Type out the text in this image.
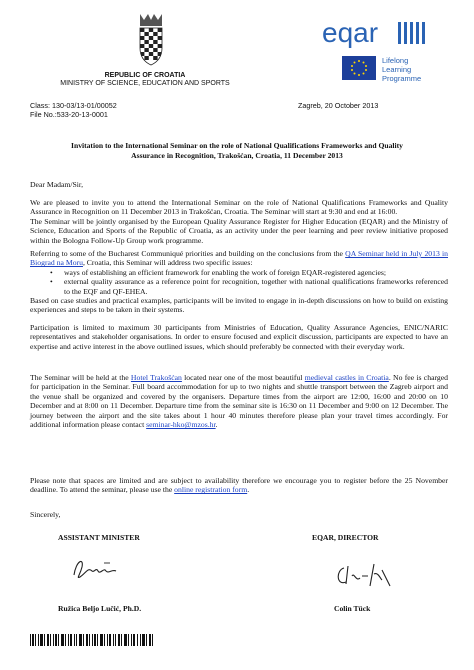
REPUBLIC OF CROATIA
MINISTRY OF SCIENCE, EDUCATION AND SPORTS
eqar
Lifelong
Learning
Programme
Class: 130-03/13-01/00052
File No.:533-20-13-0001
Zagreb, 20 October 2013
Invitation to the International Seminar on the role of National Qualifications Frameworks and Quality
Assurance in Recognition, Trakošćan, Croatia, 11 December 2013
Dear Madam/Sir,

We are pleased to invite you to attend the International Seminar on the role of National Qualifications Frameworks and Quality Assurance in Recognition on 11 December 2013 in Trakošćan, Croatia. The Seminar will start at 9:30 and end at 16:00.

The Seminar will be jointly organised by the European Quality Assurance Register for Higher Education (EQAR) and the Ministry of Science, Education and Sports of the Republic of Croatia, as an activity under the peer learning and peer review initiative proposed within the Bologna Follow-Up Group work programme.

Referring to some of the Bucharest Communiqué priorities and building on the conclusions from the QA Seminar held in July 2013 in Biograd na Moru, Croatia, this Seminar will address two specific issues:

• ways of establishing an efficient framework for enabling the work of foreign EQAR-registered agencies;
• external quality assurance as a reference point for recognition, together with national qualifications frameworks referenced to the EQF and QF-EHEA.

Based on case studies and practical examples, participants will be invited to engage in in-depth discussions on how to build on existing experiences and steps to be taken in their systems.

Participation is limited to maximum 30 participants from Ministries of Education, Quality Assurance Agencies, ENIC/NARIC representatives and stakeholder organisations. In order to ensure focused and explicit discussion, participants are expected to have an expertise and active interest in the above outlined issues, which should preferably be connected with their everyday work.

The Seminar will be held at the Hotel Trakošćan located near one of the most beautiful medieval castles in Croatia. No fee is charged for participation in the Seminar. Full board accommodation for up to two nights and shuttle transport between the Zagreb airport and the venue shall be organized and covered by the organisers. Departure times from the airport are 12:00, 16:00 and 20:00 on 10 December and at 8:00 on 11 December. Departure time from the seminar site is 16:30 on 11 December and 9:00 on 12 December. The journey between the airport and the site takes about 1 hour 40 minutes therefore please plan your travel times accordingly. For additional information please contact seminar-hko@mzos.hr.

Please note that spaces are limited and are subject to availability therefore we encourage you to register before the 25 November deadline. To attend the seminar, please use the online registration form.

Sincerely,
ASSISTANT MINISTER	EQAR, DIRECTOR
Ružica Beljo Lučić, Ph.D.	Colin Tück
